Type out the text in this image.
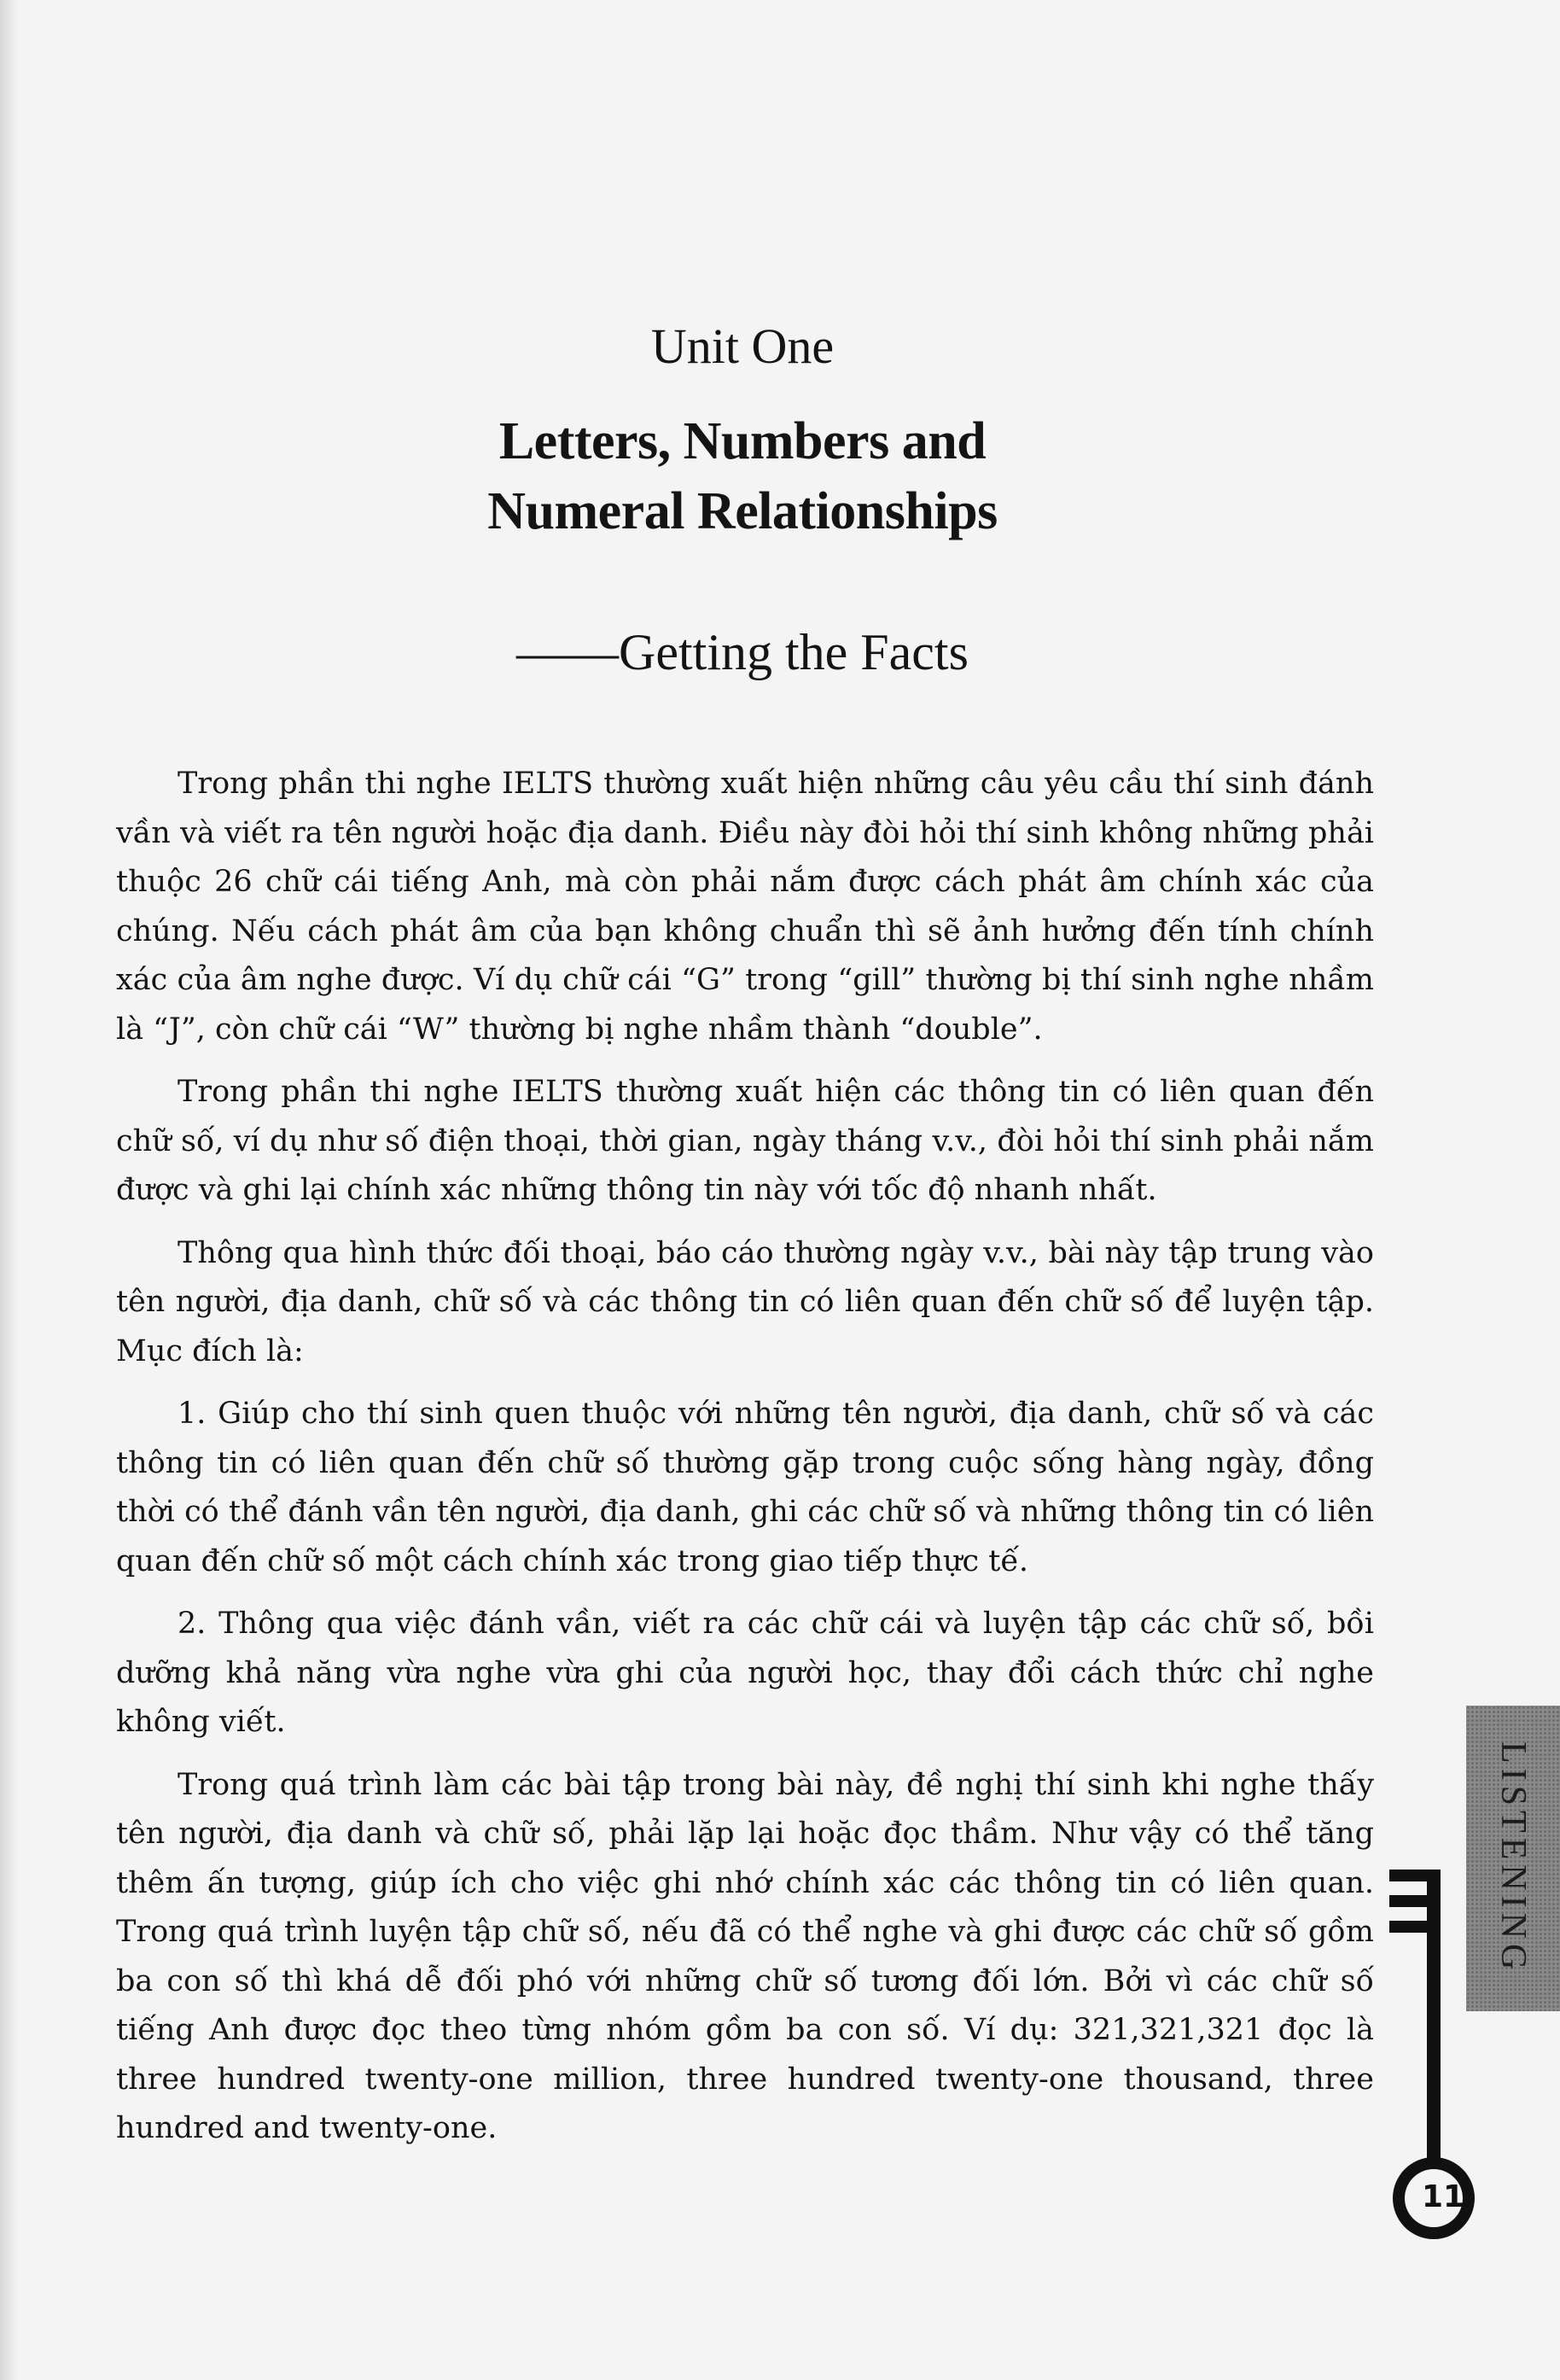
Unit One
Letters, Numbers and
Numeral Relationships
——Getting the Facts

Trong phần thi nghe IELTS thường xuất hiện những câu yêu cầu thí sinh đánh vần và viết ra tên người hoặc địa danh. Điều này đòi hỏi thí sinh không những phải thuộc 26 chữ cái tiếng Anh, mà còn phải nắm được cách phát âm chính xác của chúng. Nếu cách phát âm của bạn không chuẩn thì sẽ ảnh hưởng đến tính chính xác của âm nghe được. Ví dụ chữ cái “G” trong “gill” thường bị thí sinh nghe nhầm là “J”, còn chữ cái “W” thường bị nghe nhầm thành “double”.

Trong phần thi nghe IELTS thường xuất hiện các thông tin có liên quan đến chữ số, ví dụ như số điện thoại, thời gian, ngày tháng v.v., đòi hỏi thí sinh phải nắm được và ghi lại chính xác những thông tin này với tốc độ nhanh nhất.

Thông qua hình thức đối thoại, báo cáo thường ngày v.v., bài này tập trung vào tên người, địa danh, chữ số và các thông tin có liên quan đến chữ số để luyện tập. Mục đích là:

1. Giúp cho thí sinh quen thuộc với những tên người, địa danh, chữ số và các thông tin có liên quan đến chữ số thường gặp trong cuộc sống hàng ngày, đồng thời có thể đánh vần tên người, địa danh, ghi các chữ số và những thông tin có liên quan đến chữ số một cách chính xác trong giao tiếp thực tế.

2. Thông qua việc đánh vần, viết ra các chữ cái và luyện tập các chữ số, bồi dưỡng khả năng vừa nghe vừa ghi của người học, thay đổi cách thức chỉ nghe không viết.

Trong quá trình làm các bài tập trong bài này, đề nghị thí sinh khi nghe thấy tên người, địa danh và chữ số, phải lặp lại hoặc đọc thầm. Như vậy có thể tăng thêm ấn tượng, giúp ích cho việc ghi nhớ chính xác các thông tin có liên quan. Trong quá trình luyện tập chữ số, nếu đã có thể nghe và ghi được các chữ số gồm ba con số thì khá dễ đối phó với những chữ số tương đối lớn. Bởi vì các chữ số tiếng Anh được đọc theo từng nhóm gồm ba con số. Ví dụ: 321,321,321 đọc là three hundred twenty-one million, three hundred twenty-one thousand, three hundred and twenty-one.

LISTENING
11
